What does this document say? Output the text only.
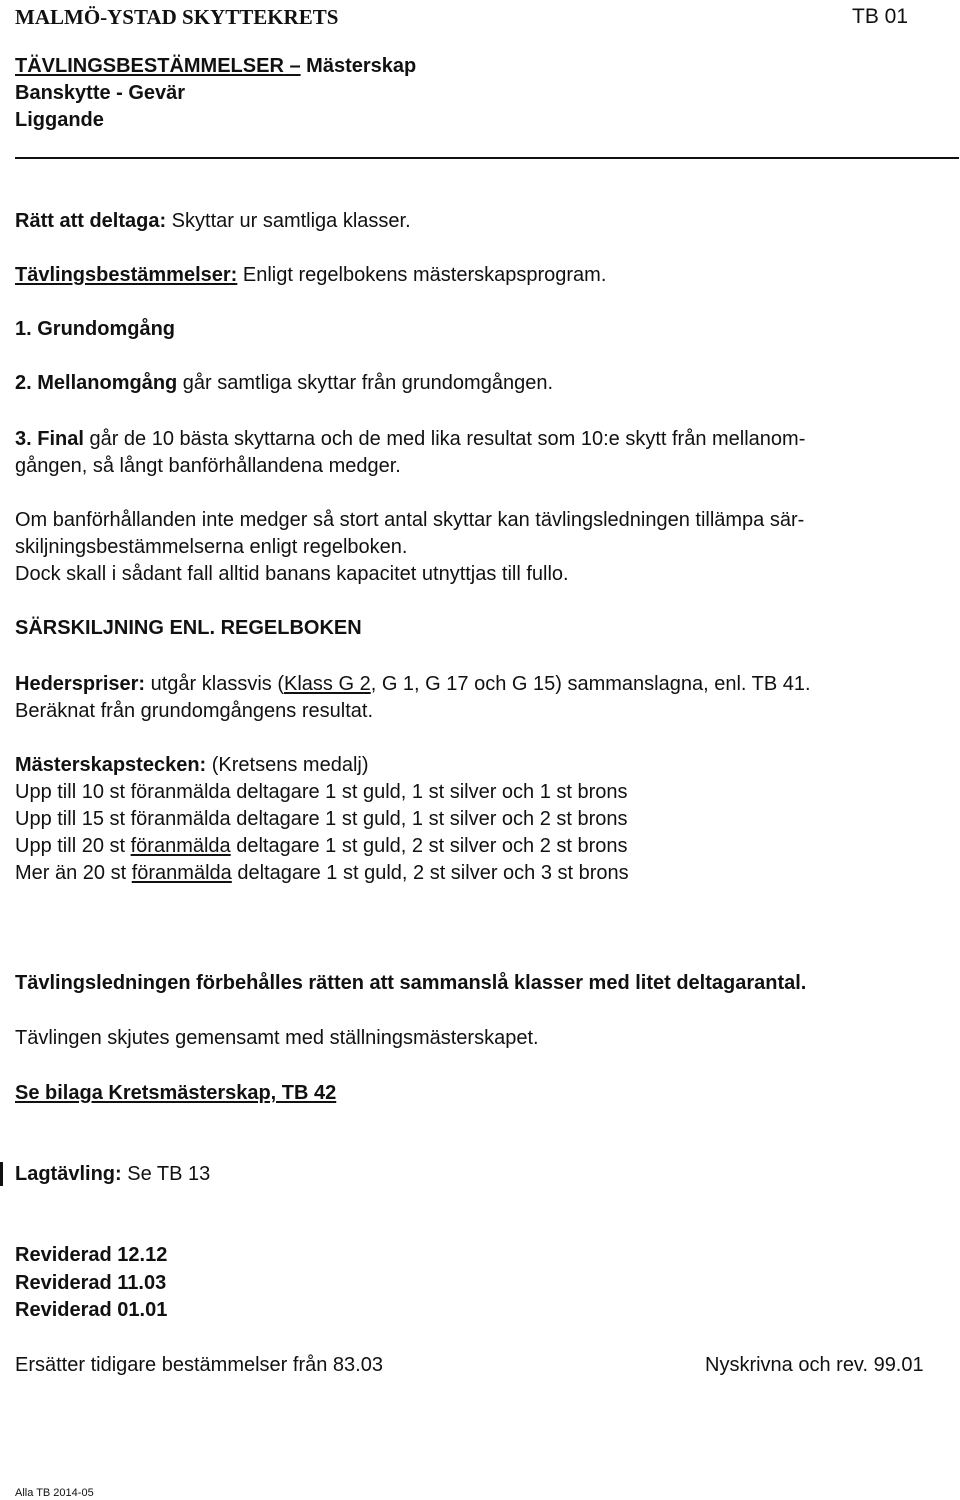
MALMÖ-YSTAD SKYTTEKRETS	TB 01
TÄVLINGSBESTÄMMELSER – Mästerskap
Banskytte - Gevär
Liggande
Rätt att deltaga: Skyttar ur samtliga klasser.
Tävlingsbestämmelser: Enligt regelbokens mästerskapsprogram.
1. Grundomgång
2. Mellanomgång går samtliga skyttar från grundomgången.
3. Final går de 10 bästa skyttarna och de med lika resultat som 10:e skytt från mellanom-
gången, så långt banförhållandena medger.
Om banförhållanden inte medger så stort antal skyttar kan tävlingsledningen tillämpa sär-
skiljningsbestämmelserna enligt regelboken.
Dock skall i sådant fall alltid banans kapacitet utnyttjas till fullo.
SÄRSKILJNING ENL. REGELBOKEN
Hederspriser: utgår klassvis (Klass G 2, G 1, G 17 och G 15) sammanslagna, enl. TB 41.
Beräknat från grundomgångens resultat.
Mästerskapstecken: (Kretsens medalj)
Upp till 10 st föranmälda deltagare 1 st guld, 1 st silver och 1 st brons
Upp till 15 st föranmälda deltagare 1 st guld, 1 st silver och 2 st brons
Upp till 20 st föranmälda deltagare 1 st guld, 2 st silver och 2 st brons
Mer än 20 st föranmälda deltagare 1 st guld, 2 st silver och 3 st brons
Tävlingsledningen förbehålles rätten att sammanslå klasser med litet deltagarantal.
Tävlingen skjutes gemensamt med ställningsmästerskapet.
Se bilaga Kretsmästerskap, TB 42
Lagtävling: Se TB 13
Reviderad 12.12
Reviderad 11.03
Reviderad 01.01
Ersätter tidigare bestämmelser från 83.03	Nyskrivna och rev. 99.01
Alla TB 2014-05
